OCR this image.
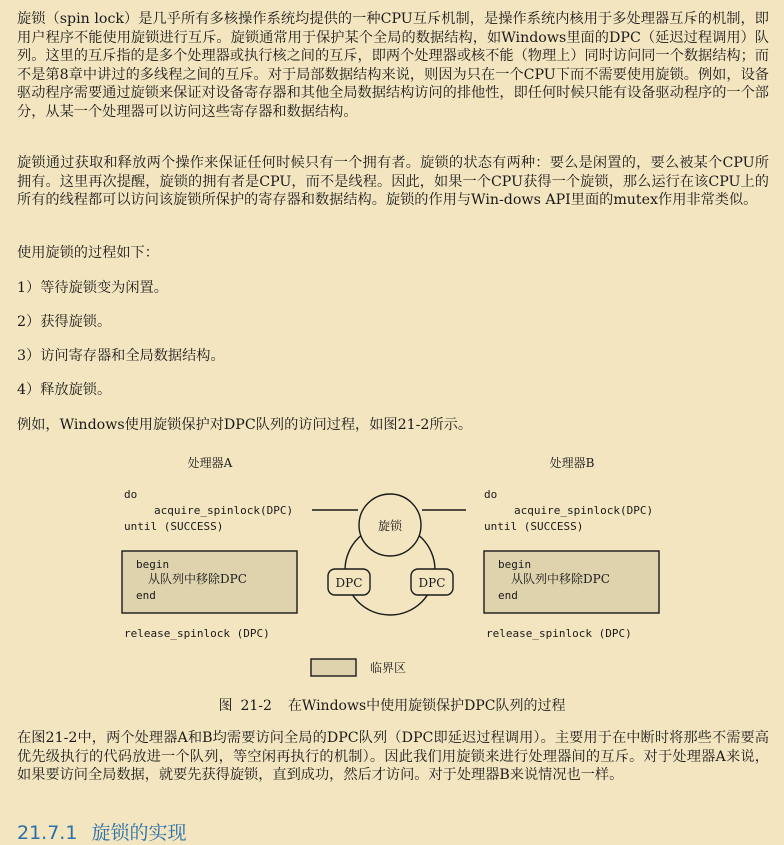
旋锁（spin lock）是几乎所有多核操作系统均提供的一种CPU互斥机制，是操作系统内核用于多处理器互斥的机制，即用户程序不能使用旋锁进行互斥。旋锁通常用于保护某个全局的数据结构，如Windows里面的DPC（延迟过程调用）队列。这里的互斥指的是多个处理器或执行核之间的互斥，即两个处理器或核不能（物理上）同时访问同一个数据结构；而不是第8章中讲过的多线程之间的互斥。对于局部数据结构来说，则因为只在一个CPU下而不需要使用旋锁。例如，设备驱动程序需要通过旋锁来保证对设备寄存器和其他全局数据结构访问的排他性，即任何时候只能有设备驱动程序的一个部分，从某一个处理器可以访问这些寄存器和数据结构。

旋锁通过获取和释放两个操作来保证任何时候只有一个拥有者。旋锁的状态有两种：要么是闲置的，要么被某个CPU所拥有。这里再次提醒，旋锁的拥有者是CPU，而不是线程。因此，如果一个CPU获得一个旋锁，那么运行在该CPU上的所有的线程都可以访问该旋锁所保护的寄存器和数据结构。旋锁的作用与Win-dows API里面的mutex作用非常类似。

使用旋锁的过程如下：

1）等待旋锁变为闲置。
2）获得旋锁。
3）访问寄存器和全局数据结构。
4）释放旋锁。

例如，Windows使用旋锁保护对DPC队列的访问过程，如图21-2所示。

处理器A	处理器B
do
acquire_spinlock(DPC)
until (SUCCESS)
do
acquire_spinlock(DPC)
until (SUCCESS)
旋锁
DPC	DPC
begin
从队列中移除DPC
end
begin
从队列中移除DPC
end
release_spinlock (DPC)	release_spinlock (DPC)
临界区
图 21-2 在Windows中使用旋锁保护DPC队列的过程

在图21-2中，两个处理器A和B均需要访问全局的DPC队列（DPC即延迟过程调用）。主要用于在中断时将那些不需要高优先级执行的代码放进一个队列，等空闲再执行的机制）。因此我们用旋锁来进行处理器间的互斥。对于处理器A来说，如果要访问全局数据，就要先获得旋锁，直到成功，然后才访问。对于处理器B来说情况也一样。

21.7.1 旋锁的实现
